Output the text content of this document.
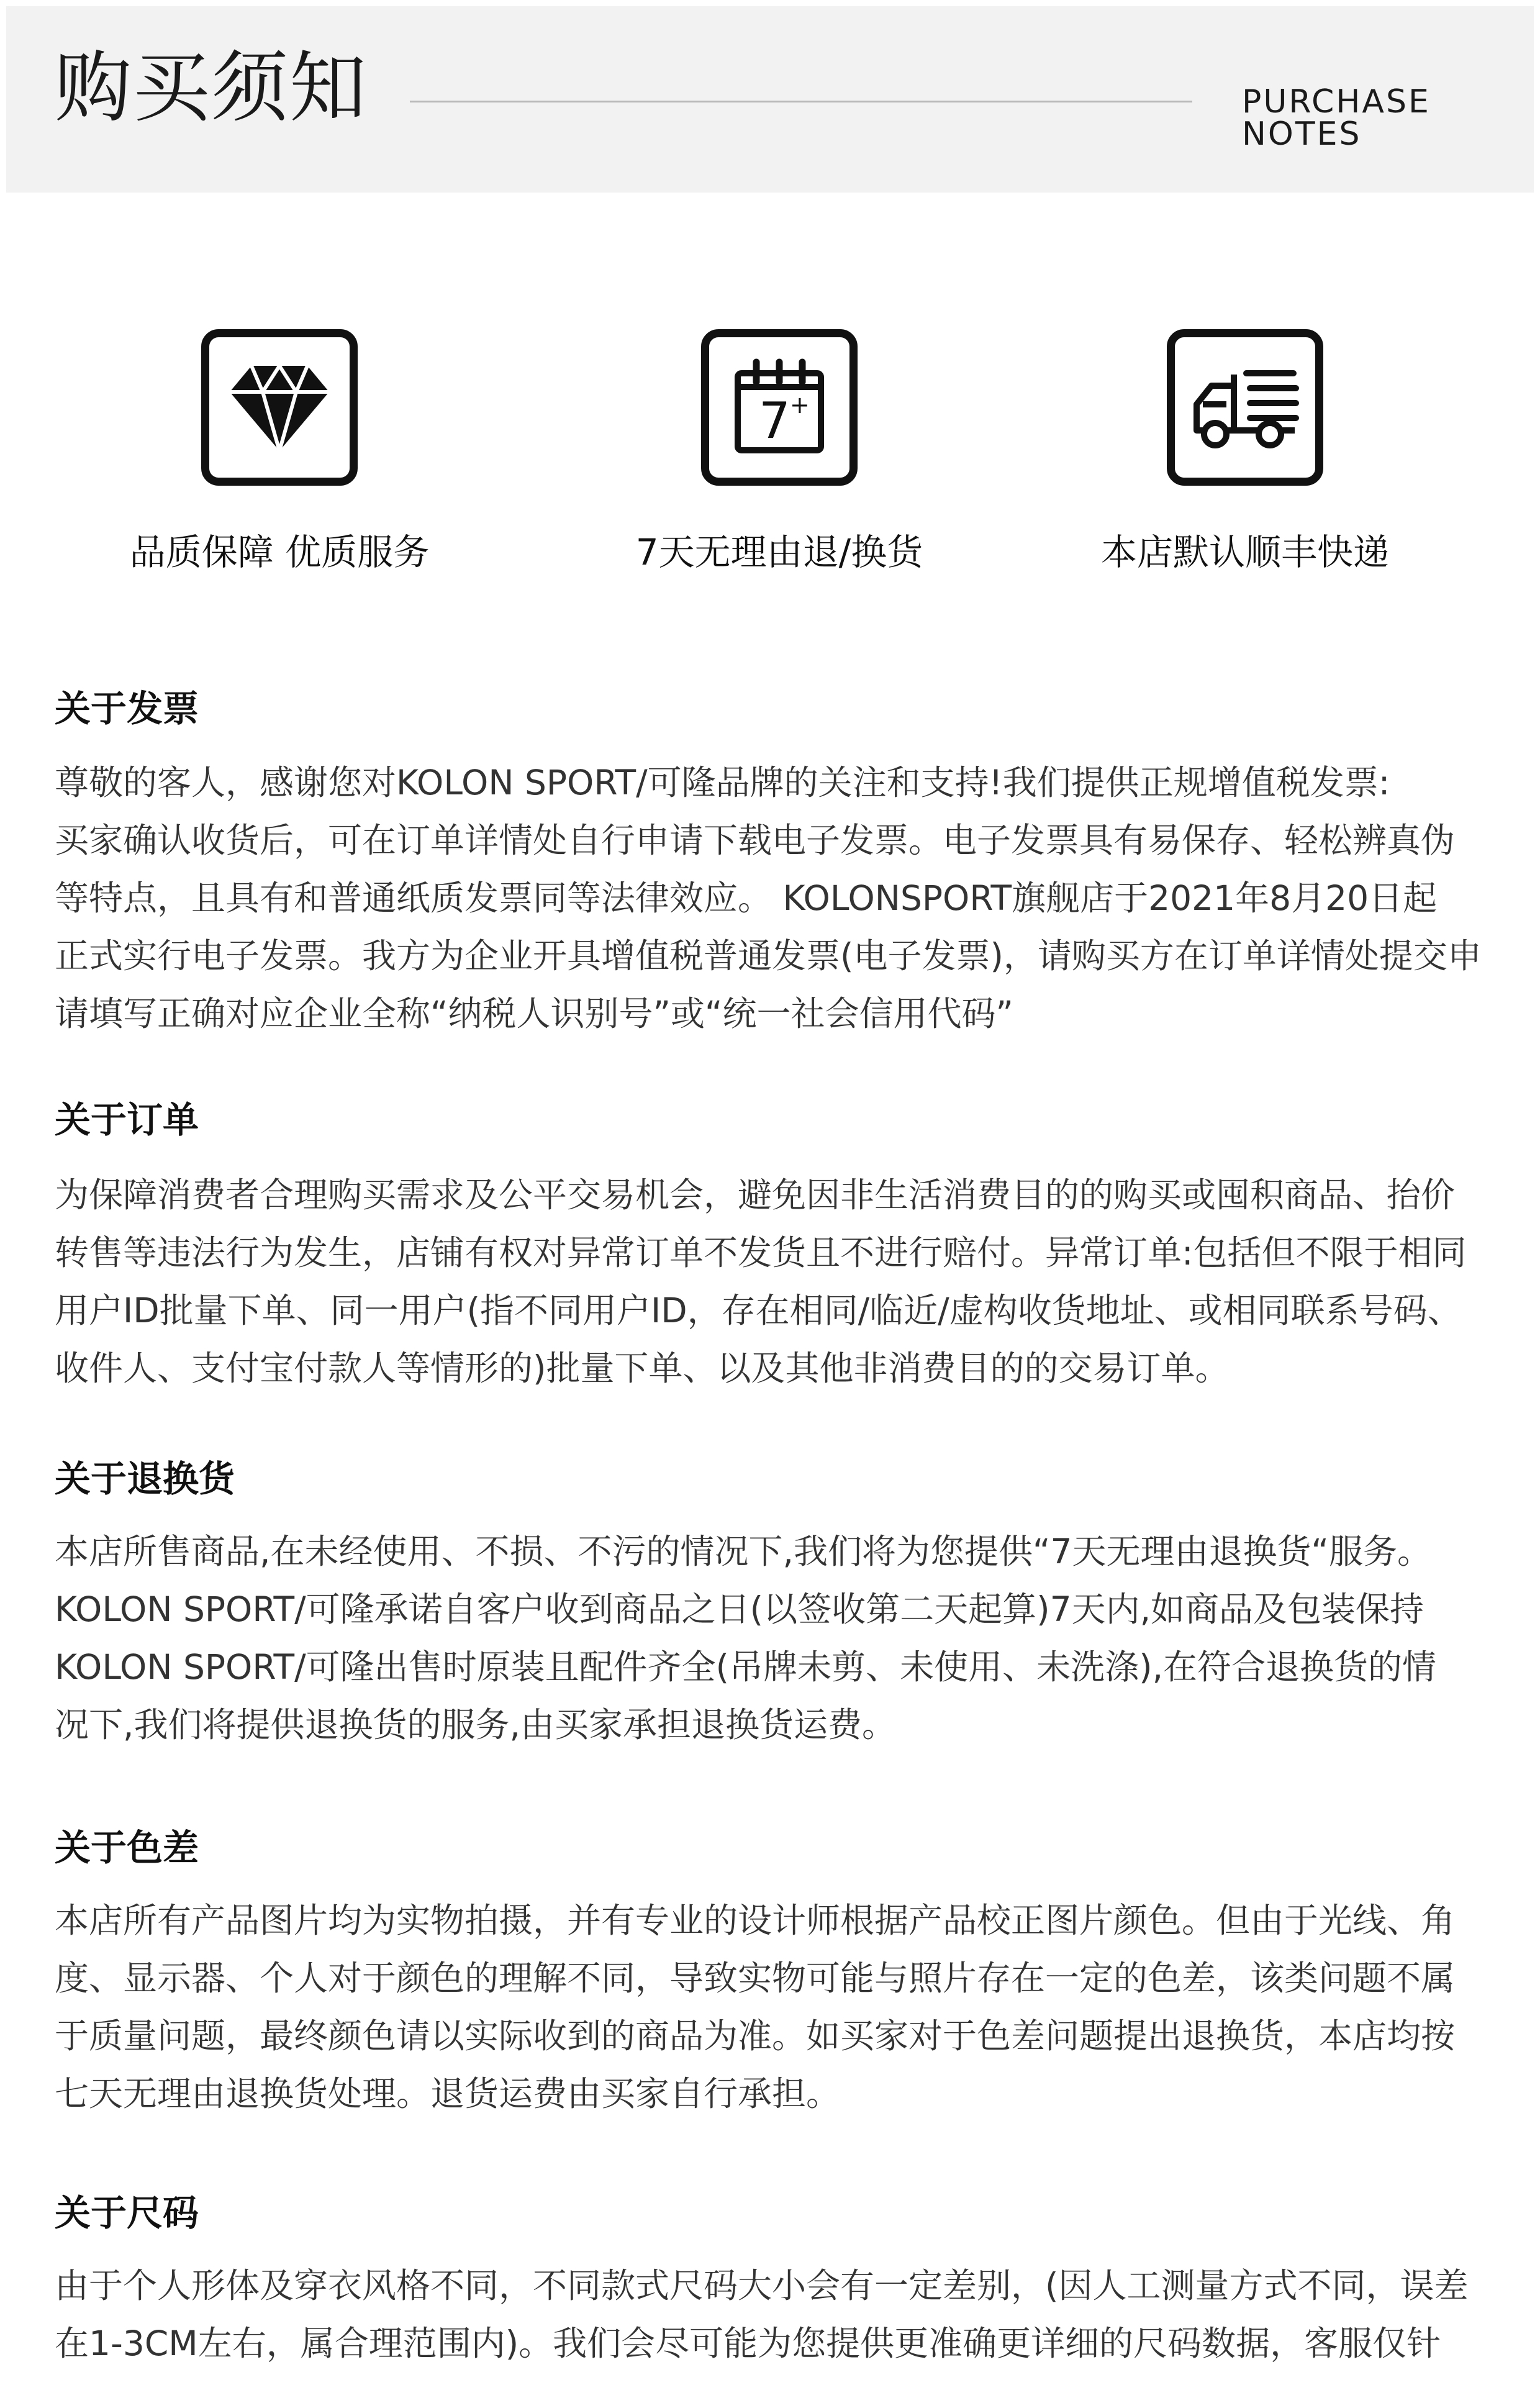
购买须知	PURCHASE NOTES
品质保障 优质服务
7 +
7天无理由退/换货	本店默认顺丰快递
关于发票
尊敬的客人，感谢您对KOLON SPORT/可隆品牌的关注和支持!我们提供正规增值税发票:
买家确认收货后，可在订单详情处自行申请下载电子发票。电子发票具有易保存、轻松辨真伪
等特点，且具有和普通纸质发票同等法律效应。 KOLONSPORT旗舰店于2021年8月20日起
正式实行电子发票。我方为企业开具增值税普通发票(电子发票)，请购买方在订单详情处提交申
请填写正确对应企业全称“纳税人识别号”或“统一社会信用代码”
关于订单
为保障消费者合理购买需求及公平交易机会，避免因非生活消费目的的购买或囤积商品、抬价
转售等违法行为发生，店铺有权对异常订单不发货且不进行赔付。异常订单:包括但不限于相同
用户ID批量下单、同一用户(指不同用户ID，存在相同/临近/虚构收货地址、或相同联系号码、
收件人、支付宝付款人等情形的)批量下单、以及其他非消费目的的交易订单。
关于退换货
本店所售商品,在未经使用、不损、不污的情况下,我们将为您提供“7天无理由退换货“服务。
KOLON SPORT/可隆承诺自客户收到商品之日(以签收第二天起算)7天内,如商品及包装保持
KOLON SPORT/可隆出售时原装且配件齐全(吊牌未剪、未使用、未洗涤),在符合退换货的情
况下,我们将提供退换货的服务,由买家承担退换货运费。
关于色差
本店所有产品图片均为实物拍摄，并有专业的设计师根据产品校正图片颜色。但由于光线、角
度、显示器、个人对于颜色的理解不同，导致实物可能与照片存在一定的色差，该类问题不属
于质量问题，最终颜色请以实际收到的商品为准。如买家对于色差问题提出退换货，本店均按
七天无理由退换货处理。退货运费由买家自行承担。
关于尺码
由于个人形体及穿衣风格不同，不同款式尺码大小会有一定差别，(因人工测量方式不同，误差
在1-3CM左右，属合理范围内)。我们会尽可能为您提供更准确更详细的尺码数据，客服仅针
